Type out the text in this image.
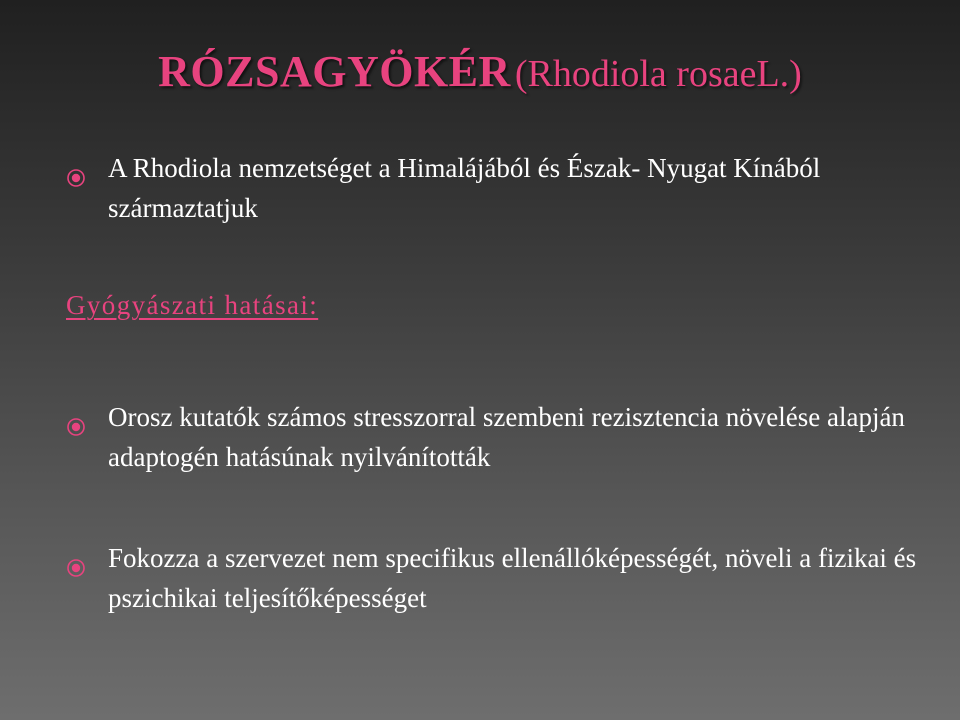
RÓZSAGYÖKÉR (Rhodiola rosaeL.)
A Rhodiola nemzetséget a Himalájából és Észak- Nyugat Kínából származtatjuk
Gyógyászati hatásai:
Orosz kutatók számos stresszorral szembeni rezisztencia növelése alapján adaptogén hatásúnak nyilvánították
Fokozza a szervezet nem specifikus ellenállóképességét, növeli a fizikai és pszichikai teljesítőképességet
